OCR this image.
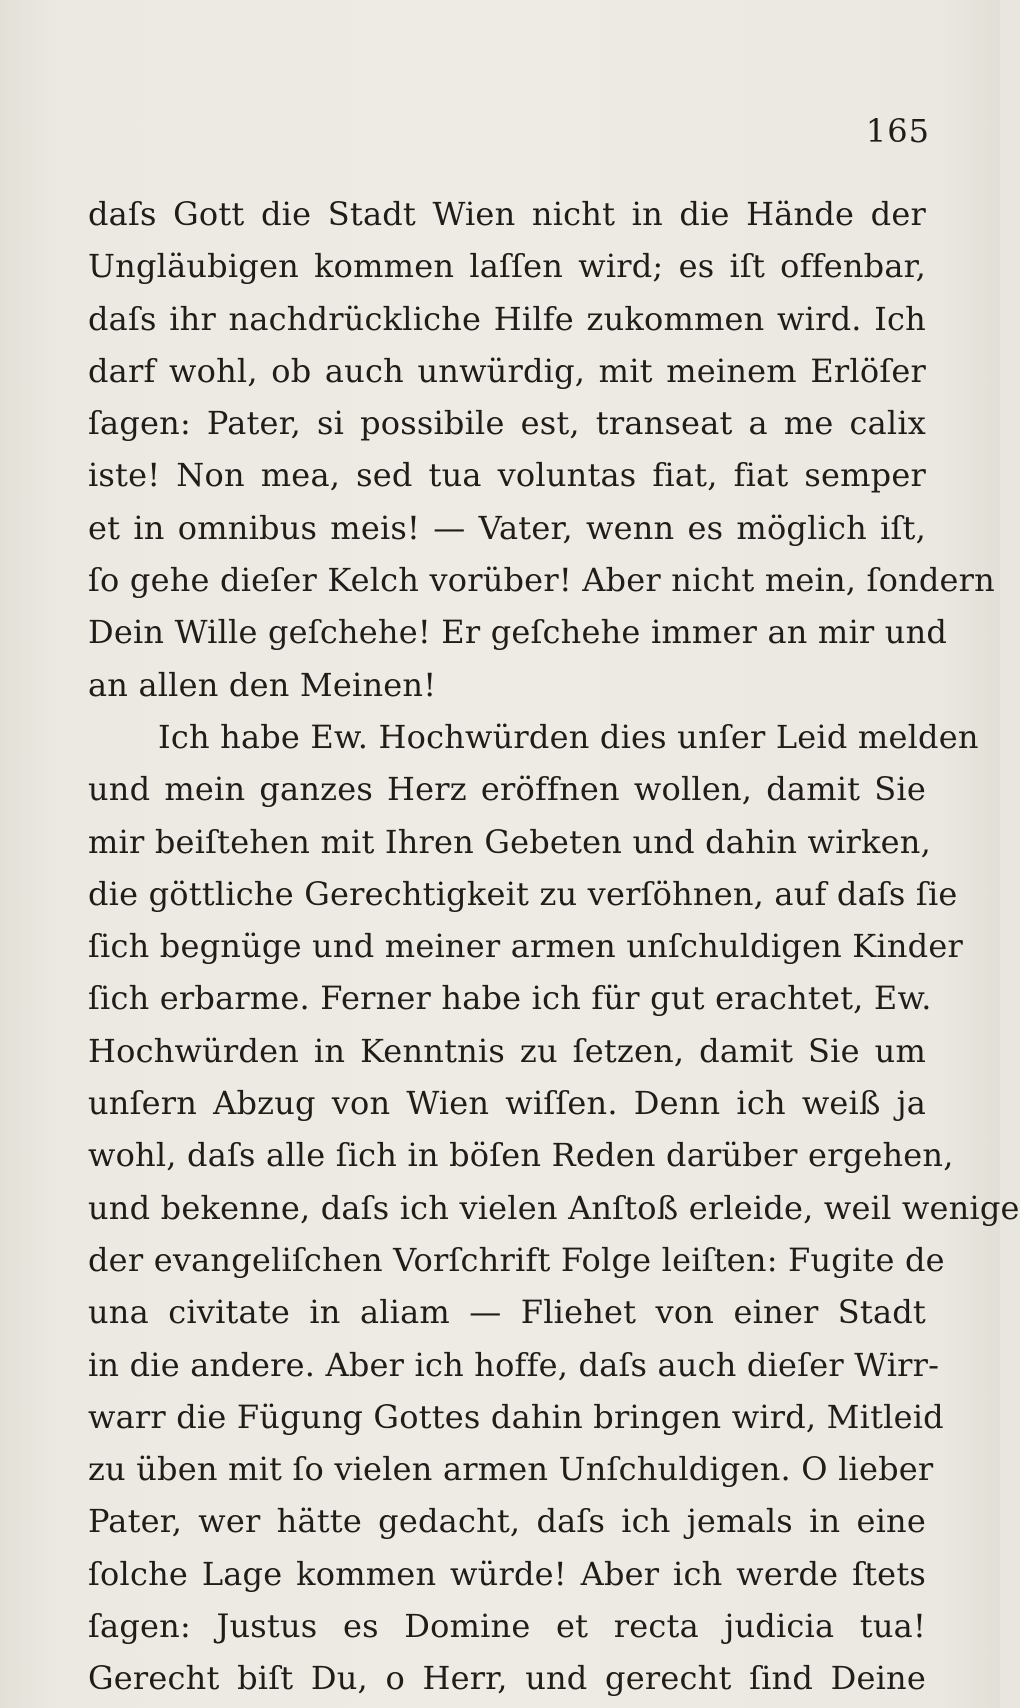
165

daſs Gott die Stadt Wien nicht in die Hände der
Ungläubigen kommen laſſen wird; es iſt offenbar,
daſs ihr nachdrückliche Hilfe zukommen wird. Ich
darf wohl, ob auch unwürdig, mit meinem Erlöſer
ſagen: Pater, si possibile est, transeat a me calix
iste! Non mea, sed tua voluntas fiat, fiat semper
et in omnibus meis! — Vater, wenn es möglich iſt,
ſo gehe dieſer Kelch vorüber! Aber nicht mein, ſondern
Dein Wille geſchehe! Er geſchehe immer an mir und
an allen den Meinen!
Ich habe Ew. Hochwürden dies unſer Leid melden
und mein ganzes Herz eröffnen wollen, damit Sie
mir beiſtehen mit Ihren Gebeten und dahin wirken,
die göttliche Gerechtigkeit zu verſöhnen, auf daſs ſie
ſich begnüge und meiner armen unſchuldigen Kinder
ſich erbarme. Ferner habe ich für gut erachtet, Ew.
Hochwürden in Kenntnis zu ſetzen, damit Sie um
unſern Abzug von Wien wiſſen. Denn ich weiß ja
wohl, daſs alle ſich in böſen Reden darüber ergehen,
und bekenne, daſs ich vielen Anſtoß erleide, weil wenige
der evangeliſchen Vorſchrift Folge leiſten: Fugite de
una civitate in aliam — Fliehet von einer Stadt
in die andere. Aber ich hoffe, daſs auch dieſer Wirr-
warr die Fügung Gottes dahin bringen wird, Mitleid
zu üben mit ſo vielen armen Unſchuldigen. O lieber
Pater, wer hätte gedacht, daſs ich jemals in eine
ſolche Lage kommen würde! Aber ich werde ſtets
ſagen: Justus es Domine et recta judicia tua!
Gerecht biſt Du, o Herr, und gerecht ſind Deine
